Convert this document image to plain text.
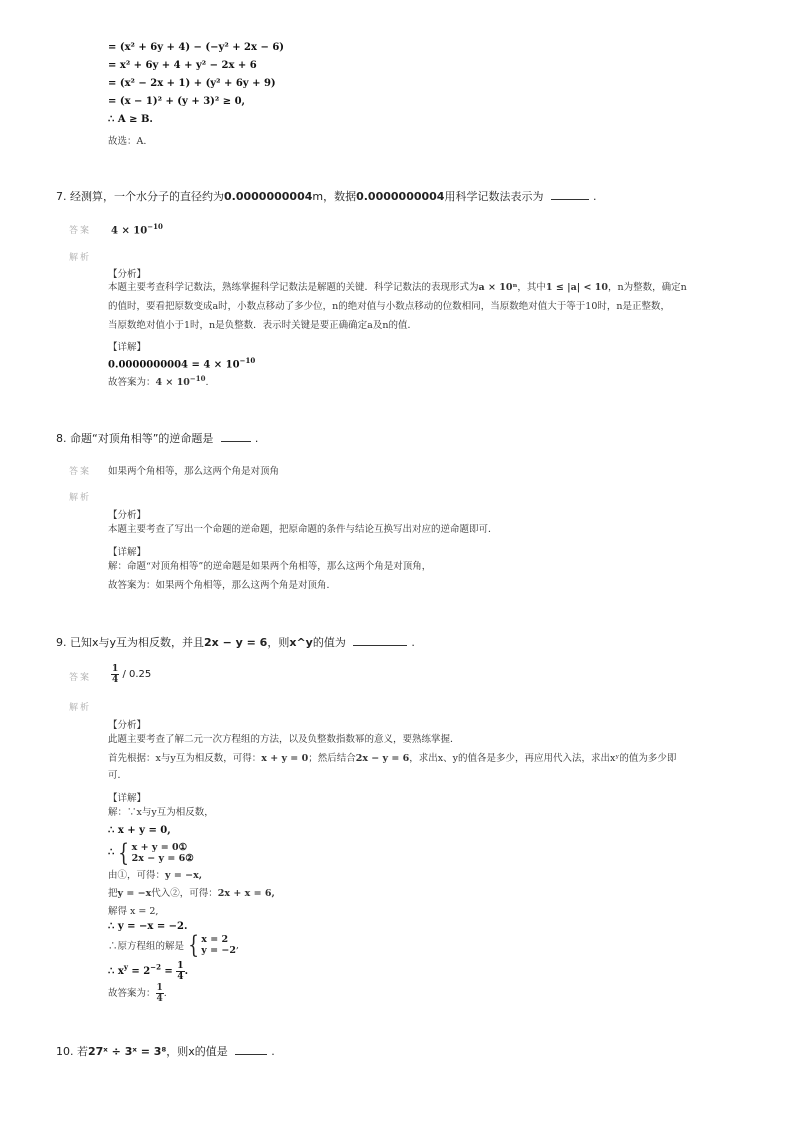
= (x² + 6y + 4) − (−y² + 2x − 6)
= x² + 6y + 4 + y² − 2x + 6
= (x² − 2x + 1) + (y² + 6y + 9)
= (x − 1)² + (y + 3)² ≥ 0,
∴ A ≥ B.
故选：A.
7. 经测算，一个水分子的直径约为0.0000000004m，数据0.0000000004用科学记数法表示为	.
答案 $4 \times 10^{-10}$
解析
【分析】
本题主要考查科学记数法，熟练掌握科学记数法是解题的关键．科学记数法的表现形式为a × 10ⁿ，其中1 ≤ |a| < 10，n为整数，确定n
的值时，要看把原数变成a时，小数点移动了多少位，n的绝对值与小数点移动的位数相同，当原数绝对值大于等于10时，n是正整数，
当原数绝对值小于1时，n是负整数．表示时关键是要正确确定a及n的值．
【详解】
$0.0000000004 = 4 \times 10^{-10}$
故答案为：$4 \times 10^{-10}$.
8. 命题“对顶角相等”的逆命题是	.
答案 如果两个角相等，那么这两个角是对顶角
解析
【分析】
本题主要考查了写出一个命题的逆命题，把原命题的条件与结论互换写出对应的逆命题即可．
【详解】
解：命题“对顶角相等”的逆命题是如果两个角相等，那么这两个角是对顶角，
故答案为：如果两个角相等，那么这两个角是对顶角．
9. 已知x与y互为相反数，并且2x − y = 6，则x^y的值为	.
答案 $\frac{1}{4} / 0.25$
解析
【分析】
此题主要考查了解二元一次方程组的方法，以及负整数指数幂的意义，要熟练掌握．
首先根据：x与y互为相反数，可得：x + y = 0；然后结合2x − y = 6，求出x、y的值各是多少，再应用代入法，求出xʸ的值为多少即
可．
【详解】
解：∵x与y互为相反数，
∴ x + y = 0,
∴ { x + y = 0①
2x − y = 6②
由①，可得：y = −x,
把y = −x代入②，可得：2x + x = 6,
解得 x = 2,
∴ y = −x = −2.
∴原方程组的解是 { x = 2
y = −2 ,
∴ $x^y = 2^{-2} = \frac{1}{4}$ .
故答案为： $\frac{1}{4}$ .
10. 若27ˣ ÷ 3ˣ = 3⁸，则x的值是	.
